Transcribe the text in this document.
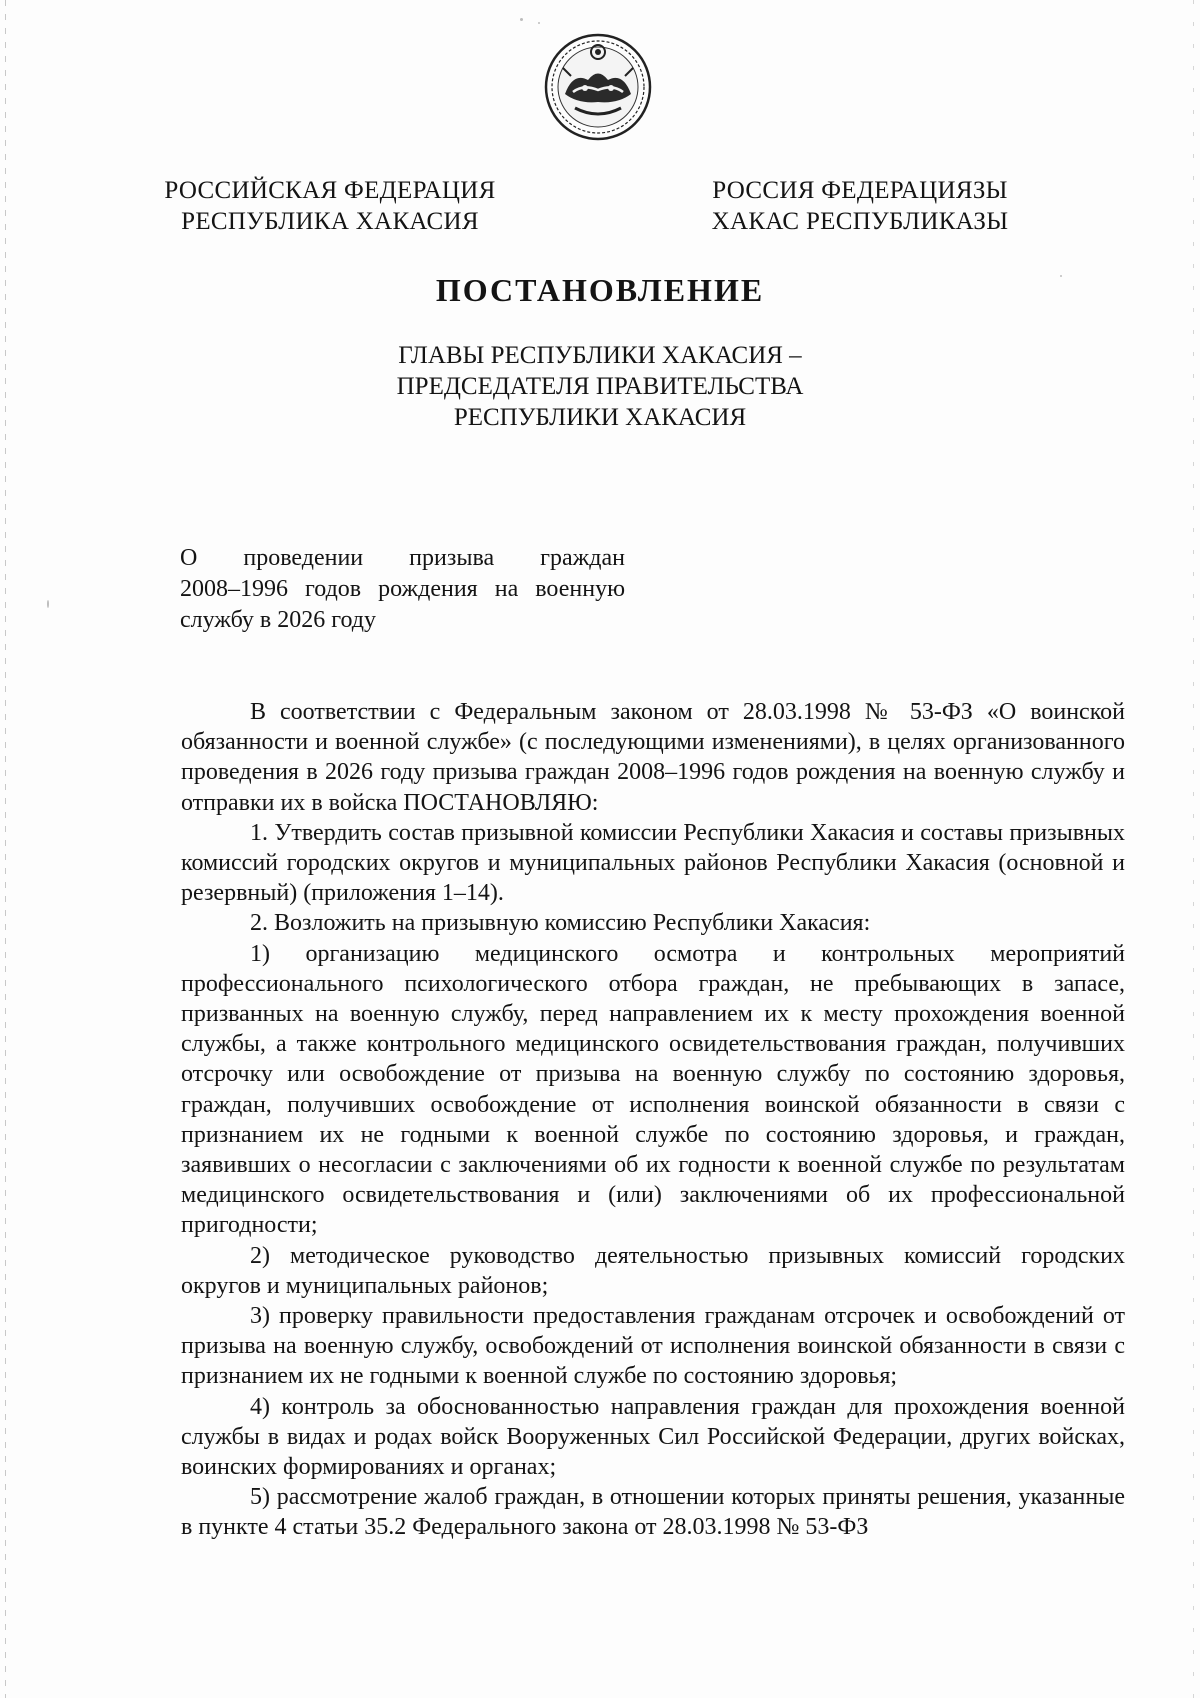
РОССИЙСКАЯ ФЕДЕРАЦИЯ
РЕСПУБЛИКА ХАКАСИЯ
РОССИЯ ФЕДЕРАЦИЯЗЫ
ХАКАС РЕСПУБЛИКАЗЫ
ПОСТАНОВЛЕНИЕ
ГЛАВЫ РЕСПУБЛИКИ ХАКАСИЯ –
ПРЕДСЕДАТЕЛЯ ПРАВИТЕЛЬСТВА
РЕСПУБЛИКИ ХАКАСИЯ
О проведении призыва граждан
2008–1996 годов рождения на военную службу в 2026 году

В соответствии с Федеральным законом от 28.03.1998 № 53-ФЗ «О воинской обязанности и военной службе» (с последующими изменениями), в целях организованного проведения в 2026 году призыва граждан 2008–1996 годов рождения на военную службу и отправки их в войска ПОСТАНОВЛЯЮ:

1. Утвердить состав призывной комиссии Республики Хакасия и составы призывных комиссий городских округов и муниципальных районов Республики Хакасия (основной и резервный) (приложения 1–14).

2. Возложить на призывную комиссию Республики Хакасия:

1) организацию медицинского осмотра и контрольных мероприятий профессионального психологического отбора граждан, не пребывающих в запасе, призванных на военную службу, перед направлением их к месту прохождения военной службы, а также контрольного медицинского освидетельствования граждан, получивших отсрочку или освобождение от призыва на военную службу по состоянию здоровья, граждан, получивших освобождение от исполнения воинской обязанности в связи с признанием их не годными к военной службе по состоянию здоровья, и граждан, заявивших о несогласии с заключениями об их годности к военной службе по результатам медицинского освидетельствования и (или) заключениями об их профессиональной пригодности;

2) методическое руководство деятельностью призывных комиссий городских округов и муниципальных районов;

3) проверку правильности предоставления гражданам отсрочек и освобождений от призыва на военную службу, освобождений от исполнения воинской обязанности в связи с признанием их не годными к военной службе по состоянию здоровья;

4) контроль за обоснованностью направления граждан для прохождения военной службы в видах и родах войск Вооруженных Сил Российской Федерации, других войсках, воинских формированиях и органах;

5) рассмотрение жалоб граждан, в отношении которых приняты решения, указанные в пункте 4 статьи 35.2 Федерального закона от 28.03.1998 № 53-ФЗ
